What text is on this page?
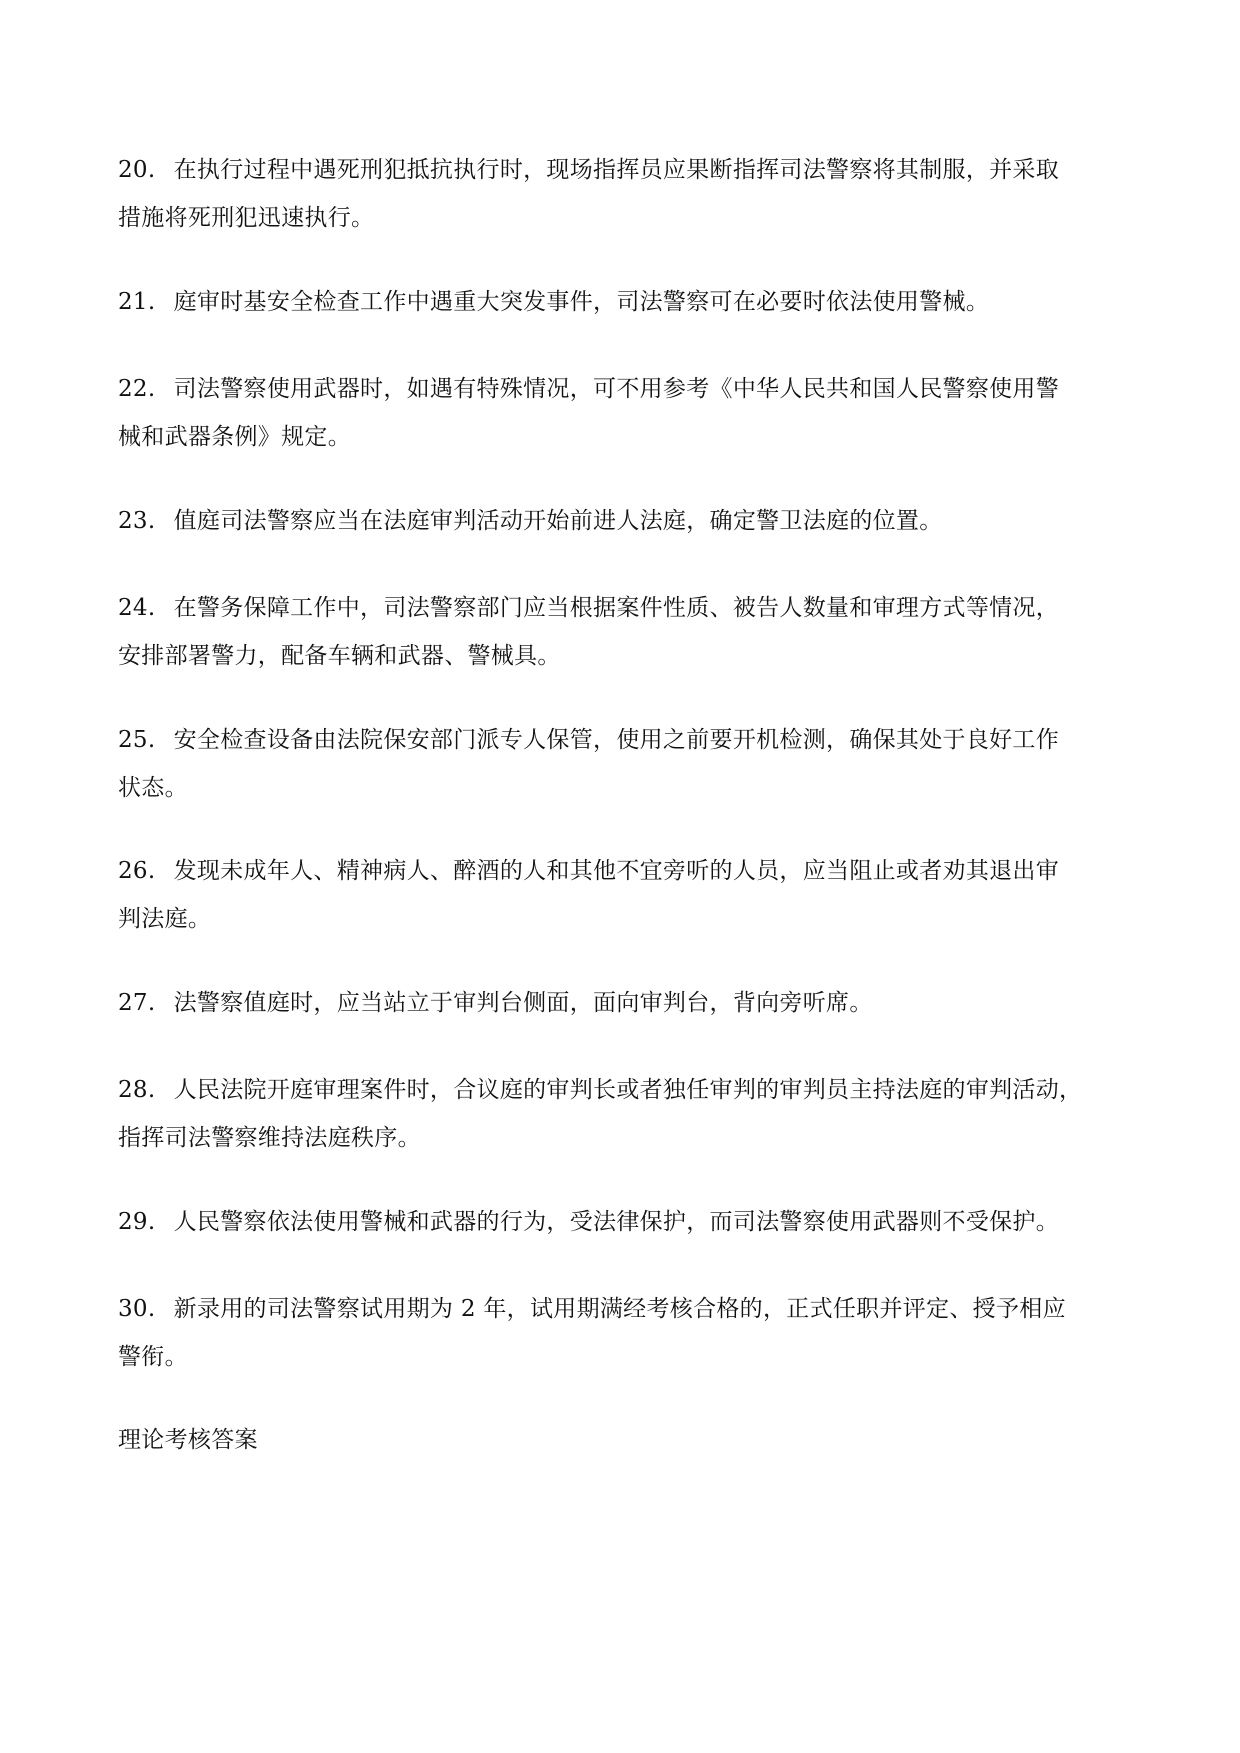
20. 在执行过程中遇死刑犯抵抗执行时，现场指挥员应果断指挥司法警察将其制服，并采取
措施将死刑犯迅速执行。
21. 庭审时基安全检查工作中遇重大突发事件，司法警察可在必要时依法使用警械。
22. 司法警察使用武器时，如遇有特殊情况，可不用参考《中华人民共和国人民警察使用警
械和武器条例》规定。
23. 值庭司法警察应当在法庭审判活动开始前进人法庭，确定警卫法庭的位置。
24. 在警务保障工作中，司法警察部门应当根据案件性质、被告人数量和审理方式等情况，
安排部署警力，配备车辆和武器、警械具。
25. 安全检查设备由法院保安部门派专人保管，使用之前要开机检测，确保其处于良好工作
状态。
26. 发现未成年人、精神病人、醉酒的人和其他不宜旁听的人员，应当阻止或者劝其退出审
判法庭。
27. 法警察值庭时，应当站立于审判台侧面，面向审判台，背向旁听席。
28. 人民法院开庭审理案件时，合议庭的审判长或者独任审判的审判员主持法庭的审判活动，
指挥司法警察维持法庭秩序。
29. 人民警察依法使用警械和武器的行为，受法律保护，而司法警察使用武器则不受保护。
30. 新录用的司法警察试用期为 2 年，试用期满经考核合格的，正式任职并评定、授予相应
警衔。
理论考核答案
